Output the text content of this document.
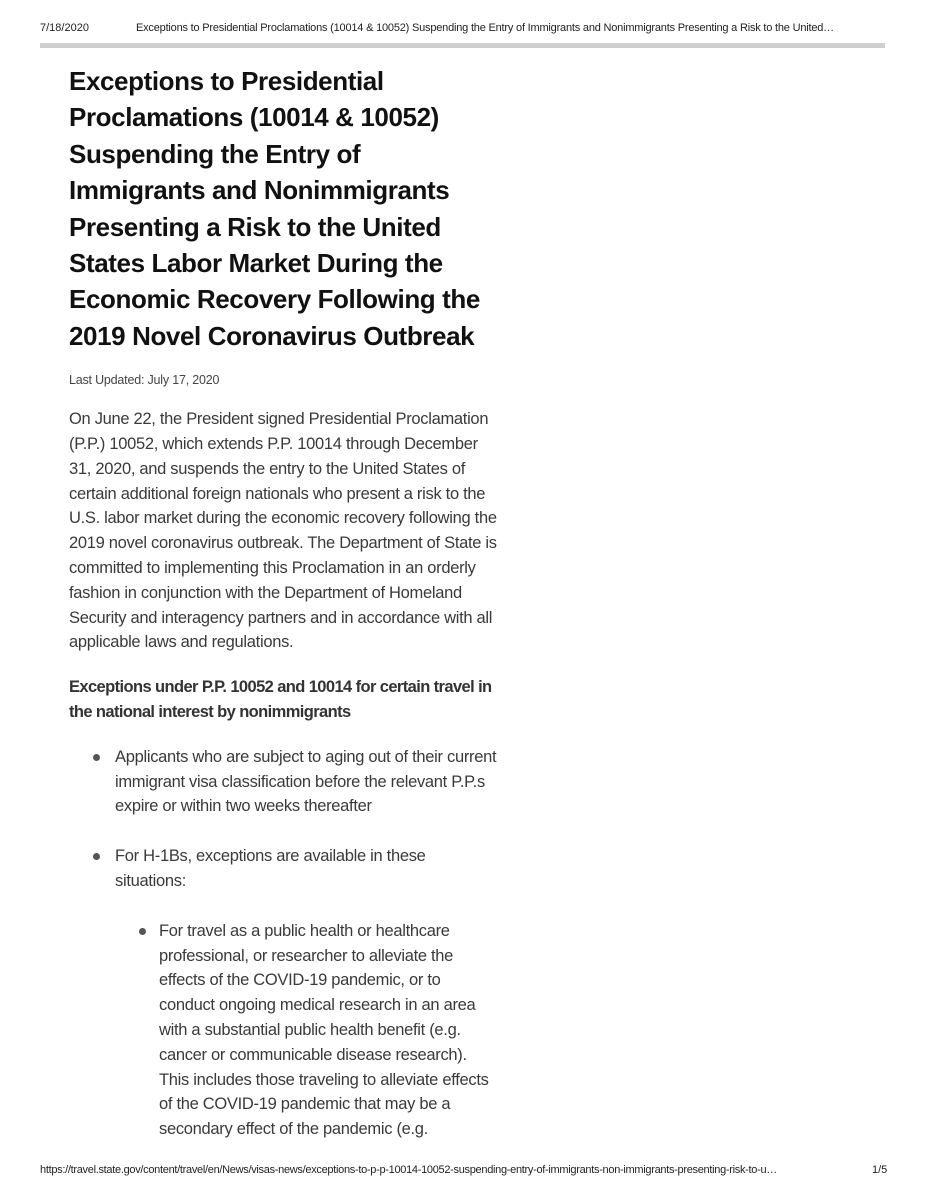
7/18/2020	Exceptions to Presidential Proclamations (10014 & 10052) Suspending the Entry of Immigrants and Nonimmigrants Presenting a Risk to the United…
Exceptions to Presidential Proclamations (10014 & 10052) Suspending the Entry of Immigrants and Nonimmigrants Presenting a Risk to the United States Labor Market During the Economic Recovery Following the 2019 Novel Coronavirus Outbreak
Last Updated: July 17, 2020

On June 22, the President signed Presidential Proclamation (P.P.) 10052, which extends P.P. 10014 through December 31, 2020, and suspends the entry to the United States of certain additional foreign nationals who present a risk to the U.S. labor market during the economic recovery following the 2019 novel coronavirus outbreak. The Department of State is committed to implementing this Proclamation in an orderly fashion in conjunction with the Department of Homeland Security and interagency partners and in accordance with all applicable laws and regulations.

Exceptions under P.P. 10052 and 10014 for certain travel in the national interest by nonimmigrants
Applicants who are subject to aging out of their current immigrant visa classification before the relevant P.P.s expire or within two weeks thereafter
For H-1Bs, exceptions are available in these situations:
For travel as a public health or healthcare professional, or researcher to alleviate the effects of the COVID-19 pandemic, or to conduct ongoing medical research in an area with a substantial public health benefit (e.g. cancer or communicable disease research). This includes those traveling to alleviate effects of the COVID-19 pandemic that may be a secondary effect of the pandemic (e.g.
https://travel.state.gov/content/travel/en/News/visas-news/exceptions-to-p-p-10014-10052-suspending-entry-of-immigrants-non-immigrants-presenting-risk-to-u…	1/5
